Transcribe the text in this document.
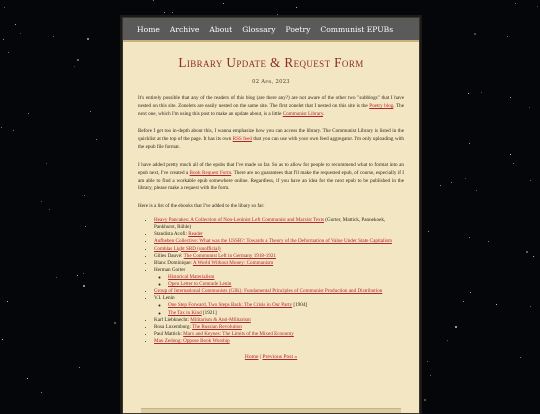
Home Archive About Glossary Poetry Communist EPUBs
Library Update & Request Form
02 Apr, 2023

It's entirely possible that any of the readers of this blog (are there any?) are not aware of the other two "subblogs" that I have nested on this site. Zonelets are easily nested on the same site. The first zonelet that I nested on this site is the Poetry blog. The next one, which I'm using this post to make an update about, is a little Communist Library.

Before I get too in-depth about this, I wanna emphasize how you can access the library. The Communist Library is listed in the quicklist at the top of the page. It has its own RSS feed that you can use with your own feed aggregator. I'm only uploading with the epub file format.

I have added pretty much all of the epubs that I've made so far. So as to allow for people to recommend what to format into an epub next, I've created a Book Request Form. There are no guarantees that I'll make the requested epub, of course, especially if I am able to find a workable epub somewhere online. Regardless, if you have an idea for the next epub to be published in the library, please make a request with the form.

Here is a list of the ebooks that I've added to the libary so far:

• Heavy Pancakes: A Collection of Non-Leninist Left Communist and Marxist Texts (Gorter, Mattick, Pannekoek, Pankhurst, Rühle)
• Standista Acofi: Reader
• Aufheben Collective: What was the USSR?: Towards a Theory of the Deformation of Value Under State Capitalism
• Comhlas Light SRD (unofficial)
• Gilles Dauvé: The Communist Left in Germany 1918-1921
• Blanc Dominique: A World Without Money: Communism
• Herman Gorter
◦ Historical Materialism
◦ Open Letter to Comrade Lenin
• Group of International Communists (GIK): Fundamental Principles of Communist Production and Distribution
• V.I. Lenin
◦ One Step Forward, Two Steps Back: The Crisis in Our Party [1904]
◦ The Tax in Kind [1921]
• Karl Liebknecht: Militarism & Anti-Militarism
• Rosa Luxemburg: The Russian Revolution
• Paul Mattick: Marx and Keynes: The Limits of the Mixed Economy
• Mao Zedong: Oppose Book Worship
Home | Previous Post »
